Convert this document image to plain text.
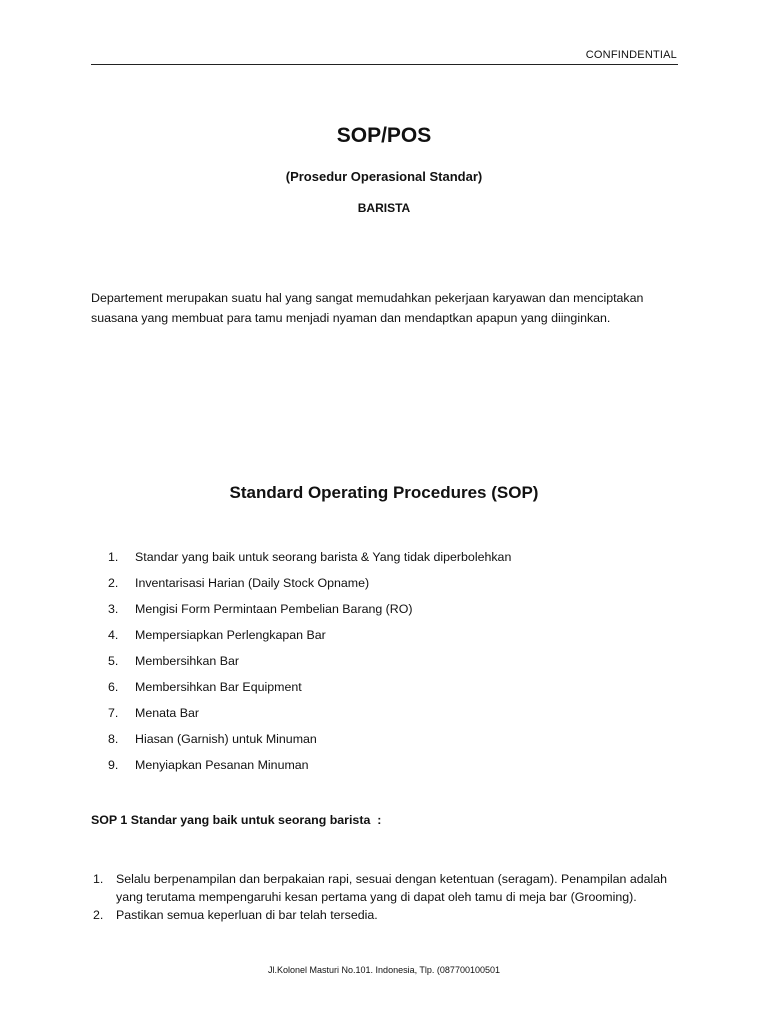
CONFINDENTIAL
SOP/POS
(Prosedur Operasional Standar)
BARISTA
Departement merupakan suatu hal yang sangat memudahkan pekerjaan karyawan dan menciptakan
suasana yang membuat para tamu menjadi nyaman dan mendaptkan apapun yang diinginkan.
Standard Operating Procedures (SOP)
1. Standar yang baik untuk seorang barista & Yang tidak diperbolehkan
2. Inventarisasi Harian (Daily Stock Opname)
3. Mengisi Form Permintaan Pembelian Barang (RO)
4. Mempersiapkan Perlengkapan Bar
5. Membersihkan Bar
6. Membersihkan Bar Equipment
7. Menata Bar
8. Hiasan (Garnish) untuk Minuman
9. Menyiapkan Pesanan Minuman
SOP 1 Standar yang baik untuk seorang barista  :
1. Selalu berpenampilan dan berpakaian rapi, sesuai dengan ketentuan (seragam). Penampilan adalah
yang terutama mempengaruhi kesan pertama yang di dapat oleh tamu di meja bar (Grooming).
2. Pastikan semua keperluan di bar telah tersedia.
Jl.Kolonel Masturi No.101. Indonesia, Tlp. (087700100501
